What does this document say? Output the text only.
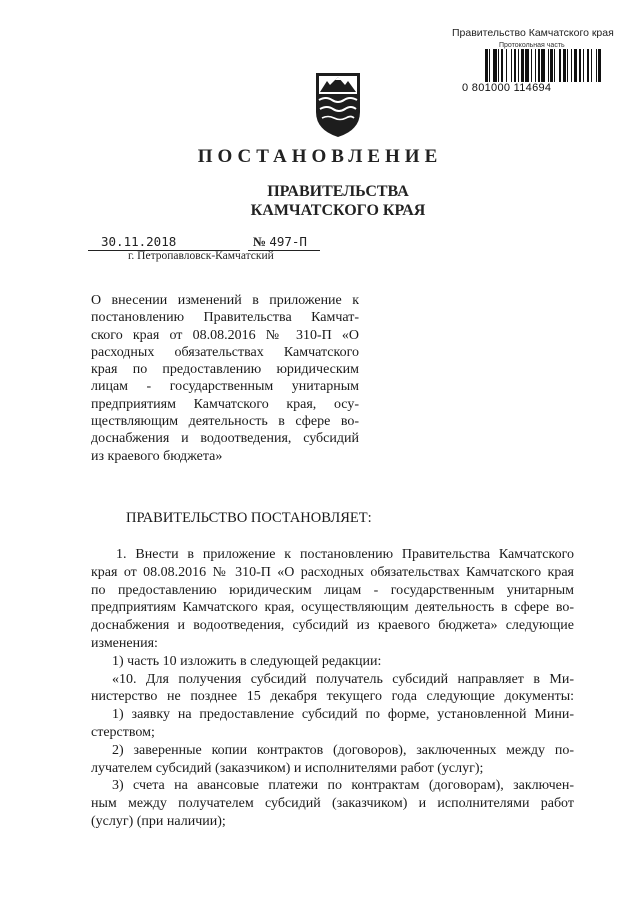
Правительство Камчатского края
Протокольная часть
0 801000 114694
ПОСТАНОВЛЕНИЕ
ПРАВИТЕЛЬСТВА
КАМЧАТСКОГО КРАЯ
30.11.2018	№ 497-П
г. Петропавловск-Камчатский
О внесении изменений в приложение к
постановлению Правительства Камчат-
ского края от 08.08.2016 № 310-П «О
расходных обязательствах Камчатского
края по предоставлению юридическим
лицам - государственным унитарным
предприятиям Камчатского края, осу-
ществляющим деятельность в сфере во-
доснабжения и водоотведения, субсидий
из краевого бюджета»
ПРАВИТЕЛЬСТВО ПОСТАНОВЛЯЕТ:
1. Внести в приложение к постановлению Правительства Камчатского
края от 08.08.2016 № 310-П «О расходных обязательствах Камчатского края
по предоставлению юридическим лицам - государственным унитарным
предприятиям Камчатского края, осуществляющим деятельность в сфере во-
доснабжения и водоотведения, субсидий из краевого бюджета» следующие
изменения:
1) часть 10 изложить в следующей редакции:
«10. Для получения субсидий получатель субсидий направляет в Ми-
нистерство не позднее 15 декабря текущего года следующие документы:
1) заявку на предоставление субсидий по форме, установленной Мини-
стерством;
2) заверенные копии контрактов (договоров), заключенных между по-
лучателем субсидий (заказчиком) и исполнителями работ (услуг);
3) счета на авансовые платежи по контрактам (договорам), заключен-
ным между получателем субсидий (заказчиком) и исполнителями работ
(услуг) (при наличии);
